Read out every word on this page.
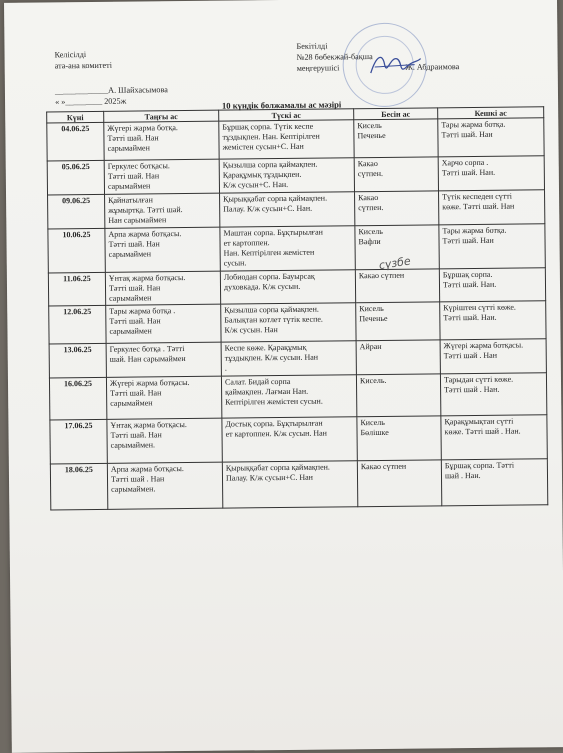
Келісілді
ата-ана комитеті
_____________А. Шайхасымова
« »_________ 2025ж
Бекітілді
№28 бөбекжай-бақша
меңгерушісі	Ж. Абдраимова
10 күндік болжамалы ас мәзірі
Күні	Таңғы ас	Түскі ас	Бесін ас	Кешкі ас
04.06.25	Жүгері жарма ботқа.
Тәтті шай. Нан
сарымаймен	Бұршақ сорпа. Түтік кеспе
тұздықпен. Нан. Кептірілген
жемістен сусын+С. Нан	Кисель
Печенье	Тары жарма ботқа.
Тәтті шай. Нан

05.06.25	Геркулес ботқасы.
Тәтті шай. Нан
сарымаймен	Қызылша сорпа қаймақпен.
Қарақұмық тұздықпен.
К/ж сусын+С. Нан.	Какао
сүтпен.	Харчо сорпа .
Тәтті шай. Нан.

09.06.25	Қайнатылған
жұмыртқа. Тәтті шай.
Нан сарымаймен	Қырыққабат сорпа қаймақпен.
Палау. К/ж сусын+С. Нан.	Какао
сүтпен.	Түтік кеспеден сүтті
көже. Тәтті шай. Нан

10.06.25	Арпа жарма ботқасы.
Тәтті шай. Нан
сарымаймен	Маштан сорпа. Бұқтырылған
ет картоппен.
Нан. Кептірілген жемістен
сусын.	Кисель
Вафли	Тары жарма ботқа.
Тәтті шай. Нан

11.06.25	Ұнтақ жарма ботқасы.
Тәтті шай. Нан
сарымаймен	Лобиодан сорпа. Бауырсақ
духовкада. К/ж сусын.	Какао сүтпен	Бұршақ сорпа.
Тәтті шай. Нан.

12.06.25	Тары жарма ботқа .
Тәтті шай. Нан
сарымаймен	Қызылша сорпа қаймақпен.
Балықтан котлет түтік кеспе.
К/ж сусын. Нан	Кисель
Печенье	Күріштен сүтті көже.
Тәтті шай. Нан.

13.06.25	Геркулес ботқа . Тәтті
шай. Нан сарымаймен	Кеспе көже. Қарақұмық
тұздықпен. К/ж сусын. Нан
.	Айран	Жүгері жарма ботқасы.
Тәтті шай . Нан

16.06.25	Жүгері жарма ботқасы.
Тәтті шай. Нан
сарымаймен	Салат. Бидай сорпа
қаймақпен. Лағман Нан.
Кептірілген жемістен сусын.	Кисель.	Тарыдан сүтті көже.
Тәтті шай . Нан.

17.06.25	Ұнтақ жарма ботқасы.
Тәтті шай. Нан
сарымаймен.	Достық сорпа. Бұқтырылған
ет картоппен. К/ж сусын. Нан	Кисель
Бөлішке	Қарақұмықтан сүтті
көже. Тәтті шай . Нан.

18.06.25	Арпа жарма ботқасы.
Тәтті шай . Нан
сарымаймен.	Қырыққабат сорпа қаймақпен.
Палау. К/ж сусын+С. Нан	Какао сүтпен	Бұршақ сорпа. Тәтті
шай . Нан.
сүзбе
